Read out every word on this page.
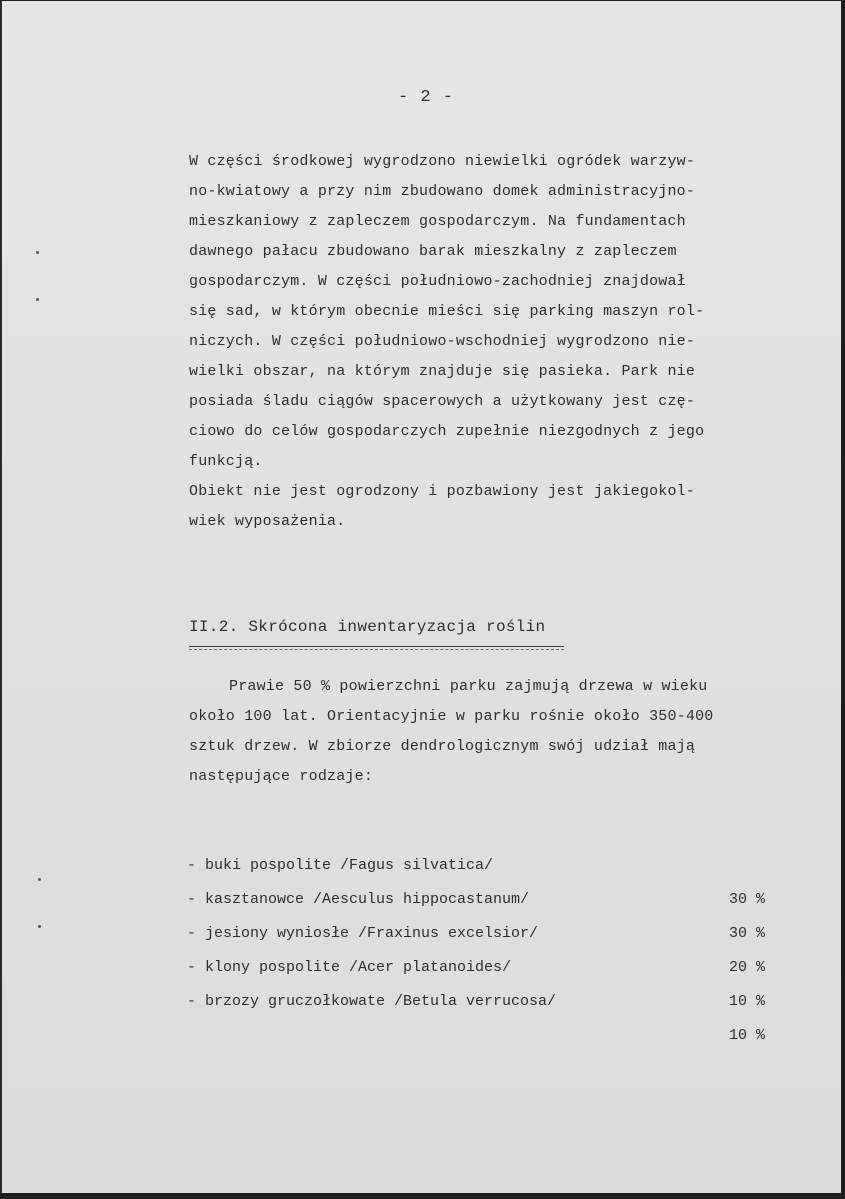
- 2 -
W części środkowej wygrodzono niewielki ogródek warzyw-
no-kwiatowy a przy nim zbudowano domek administracyjno-
mieszkaniowy z zapleczem gospodarczym. Na fundamentach
dawnego pałacu zbudowano barak mieszkalny z zapleczem
gospodarczym. W części południowo-zachodniej znajdował
się sad, w którym obecnie mieści się parking maszyn rol-
niczych. W części południowo-wschodniej wygrodzono nie-
wielki obszar, na którym znajduje się pasieka. Park nie
posiada śladu ciągów spacerowych a użytkowany jest czę-
ciowo do celów gospodarczych zupełnie niezgodnych z jego
funkcją.
Obiekt nie jest ogrodzony i pozbawiony jest jakiegokol-
wiek wyposażenia.
II.2. Skrócona inwentaryzacja roślin
Prawie 50 % powierzchni parku zajmują drzewa w wieku
około 100 lat. Orientacyjnie w parku rośnie około 350-400
sztuk drzew. W zbiorze dendrologicznym swój udział mają
następujące rodzaje:

- buki pospolite /Fagus silvatica/

30 %

- kasztanowce /Aesculus hippocastanum/

30 %

- jesiony wyniosłe /Fraxinus excelsior/

20 %

- klony pospolite /Acer platanoides/

10 %

- brzozy gruczołkowate /Betula verrucosa/

10 %
